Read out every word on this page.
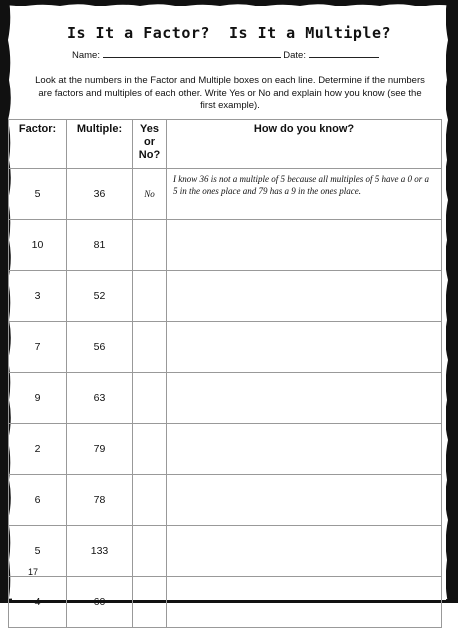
Is It a Factor?  Is It a Multiple?
Name:	Date:
Look at the numbers in the Factor and Multiple boxes on each line. Determine if the numbers are factors and multiples of each other. Write Yes or No and explain how you know (see the first example).
Factor:	Multiple:	Yes or No?	How do you know?
5	36	No	I know 36 is not a multiple of 5 because all multiples of 5 have a 0 or a 5 in the ones place and 79 has a 9 in the ones place.
10	81		
3	52		
7	56		
9	63		
2	79		
6	78		
5	133		
4	60		
17
